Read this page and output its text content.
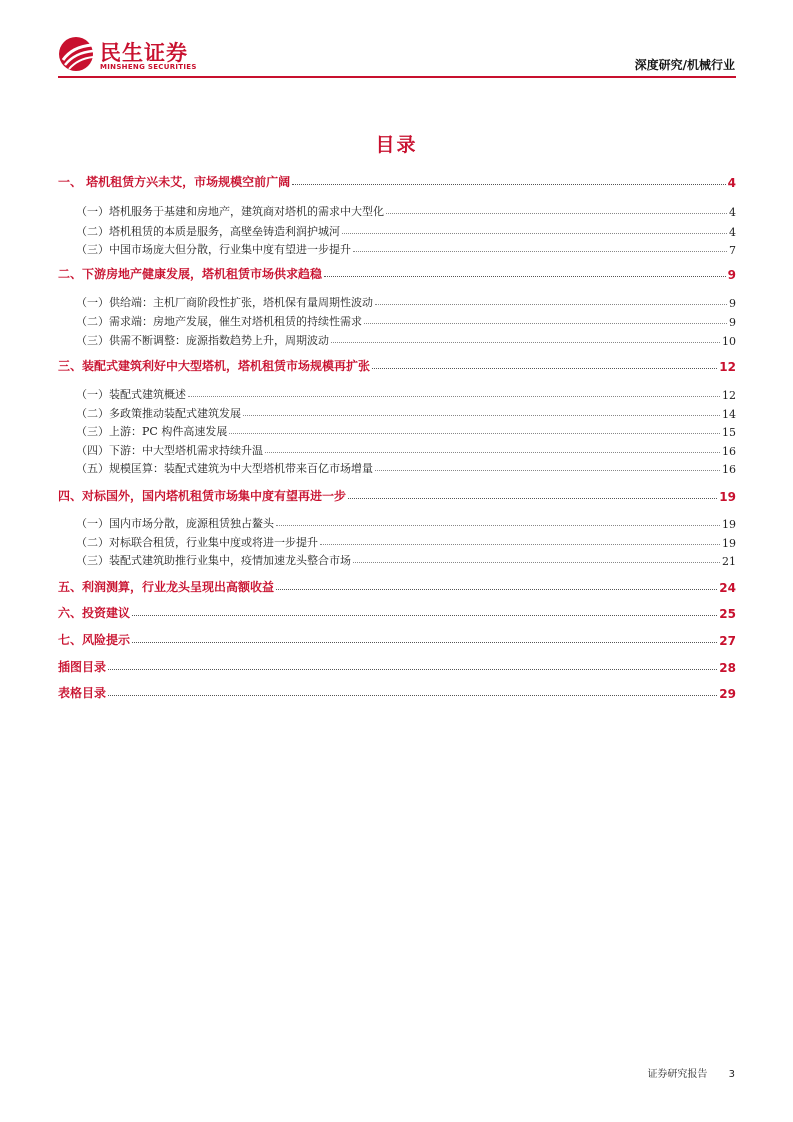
民生证券
MINSHENG SECURITIES	深度研究/机械行业
目录
一、 塔机租赁方兴未艾，市场规模空前广阔	4
（一）塔机服务于基建和房地产，建筑商对塔机的需求中大型化	4
（二）塔机租赁的本质是服务，高壁垒铸造利润护城河	4
（三）中国市场庞大但分散，行业集中度有望进一步提升	7
二、下游房地产健康发展，塔机租赁市场供求趋稳	9
（一）供给端：主机厂商阶段性扩张，塔机保有量周期性波动	9
（二）需求端：房地产发展，催生对塔机租赁的持续性需求	9
（三）供需不断调整：庞源指数趋势上升，周期波动	10
三、装配式建筑利好中大型塔机，塔机租赁市场规模再扩张	12
（一）装配式建筑概述	12
（二）多政策推动装配式建筑发展	14
（三）上游：PC 构件高速发展	15
（四）下游：中大型塔机需求持续升温	16
（五）规模匡算：装配式建筑为中大型塔机带来百亿市场增量	16
四、对标国外，国内塔机租赁市场集中度有望再进一步	19
（一）国内市场分散，庞源租赁独占鳌头	19
（二）对标联合租赁，行业集中度或将进一步提升	19
（三）装配式建筑助推行业集中，疫情加速龙头整合市场	21
五、利润测算，行业龙头呈现出高额收益	24
六、投资建议	25
七、风险提示	27
插图目录	28
表格目录	29
证券研究报告 3
